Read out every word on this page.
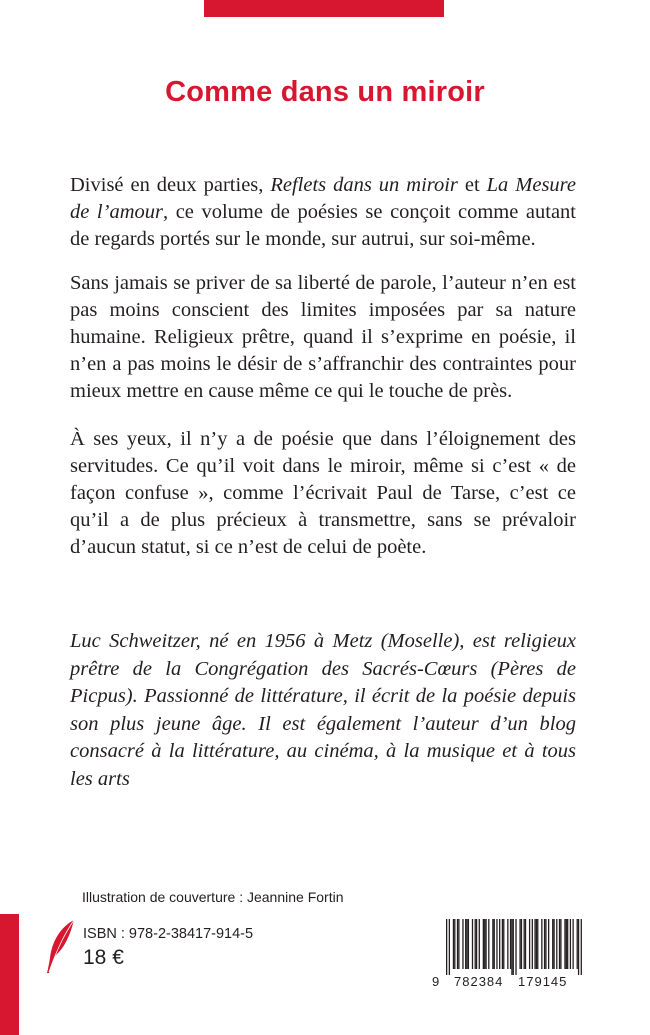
Comme dans un miroir

Divisé en deux parties, Reflets dans un miroir et La Mesure de l’amour, ce volume de poésies se conçoit comme autant de regards portés sur le monde, sur autrui, sur soi-même.

Sans jamais se priver de sa liberté de parole, l’auteur n’en est pas moins conscient des limites imposées par sa nature humaine. Religieux prêtre, quand il s’exprime en poésie, il n’en a pas moins le désir de s’affranchir des contraintes pour mieux mettre en cause même ce qui le touche de près.

À ses yeux, il n’y a de poésie que dans l’éloignement des servitudes. Ce qu’il voit dans le miroir, même si c’est « de façon confuse », comme l’écrivait Paul de Tarse, c’est ce qu’il a de plus précieux à transmettre, sans se prévaloir d’aucun statut, si ce n’est de celui de poète.

Luc Schweitzer, né en 1956 à Metz (Moselle), est religieux prêtre de la Congrégation des Sacrés-Cœurs (Pères de Picpus). Passionné de littérature, il écrit de la poésie depuis son plus jeune âge. Il est également l’auteur d’un blog consacré à la littérature, au cinéma, à la musique et à tous les arts

Illustration de couverture : Jeannine Fortin
ISBN : 978-2-38417-914-5
18 €
9 782384 179145
